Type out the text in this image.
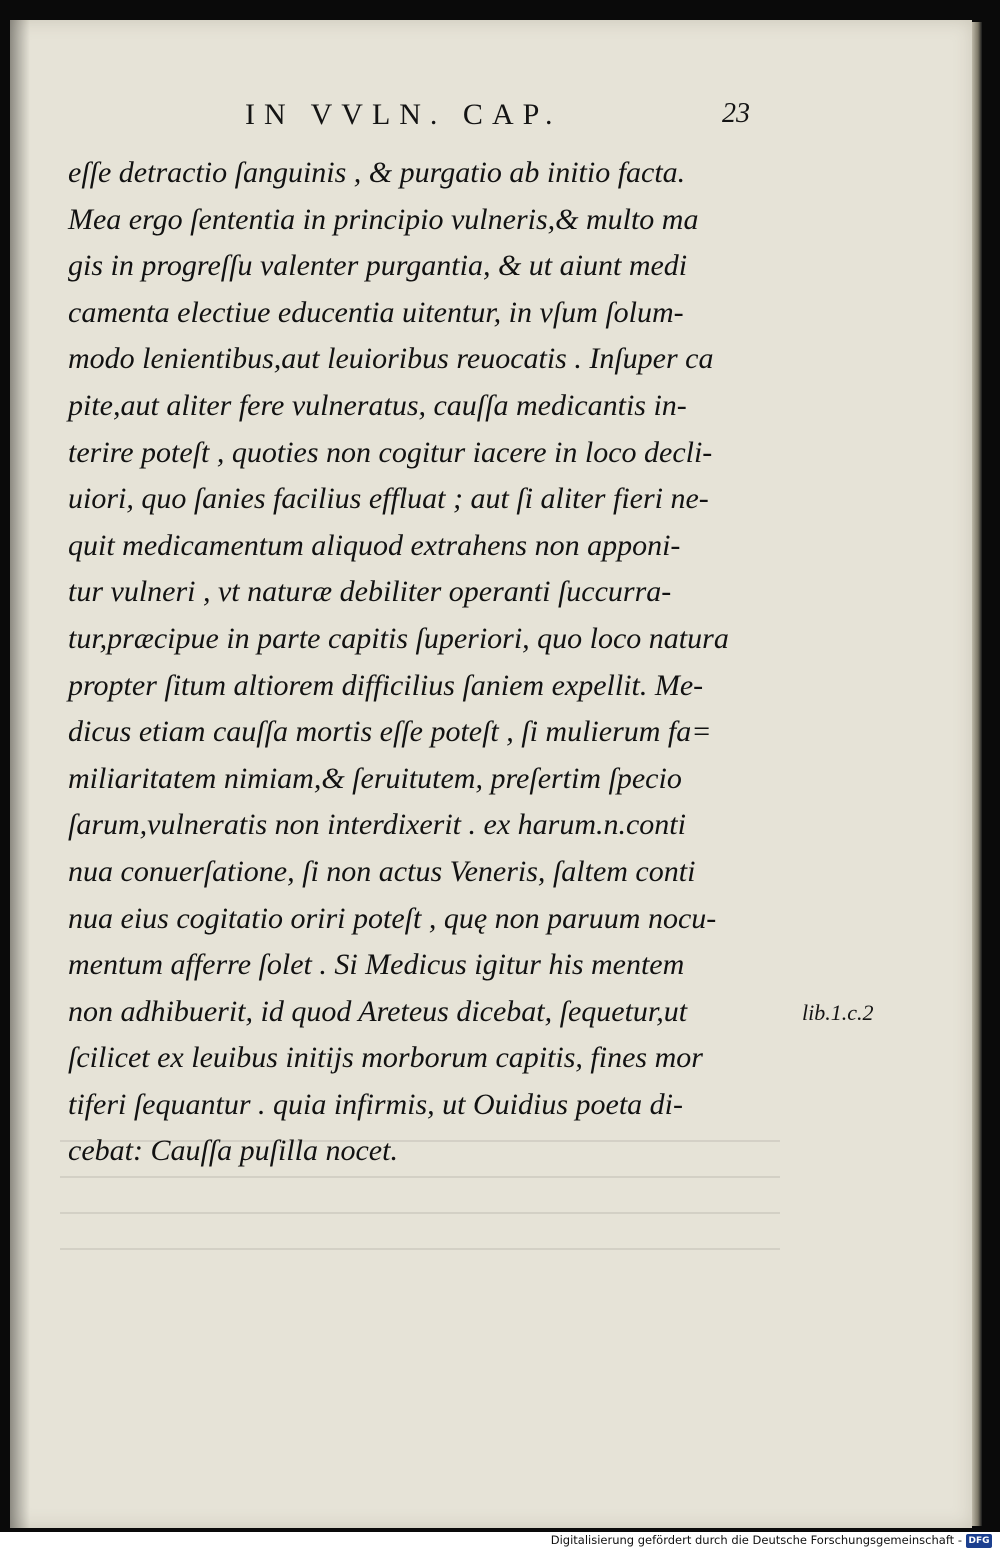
IN VVLN. CAP.	23
eſſe detractio ſanguinis , & purgatio ab initio facta.
Mea ergo ſententia in principio vulneris,& multo ma
gis in progreſſu valenter purgantia, & ut aiunt medi
camenta electiue educentia uitentur, in vſum ſolum-
modo lenientibus,aut leuioribus reuocatis . Inſuper ca
pite,aut aliter fere vulneratus, cauſſa medicantis in-
terire poteſt , quoties non cogitur iacere in loco decli-
uiori, quo ſanies facilius effluat ; aut ſi aliter fieri ne-
quit medicamentum aliquod extrahens non apponi-
tur vulneri , vt naturæ debiliter operanti ſuccurra-
tur,præcipue in parte capitis ſuperiori, quo loco natura
propter ſitum altiorem difficilius ſaniem expellit. Me-
dicus etiam cauſſa mortis eſſe poteſt , ſi mulierum fa=
miliaritatem nimiam,& ſeruitutem, preſertim ſpecio
ſarum,vulneratis non interdixerit . ex harum.n.conti
nua conuerſatione, ſi non actus Veneris, ſaltem conti
nua eius cogitatio oriri poteſt , quę non paruum nocu-
mentum afferre ſolet . Si Medicus igitur his mentem
non adhibuerit, id quod Areteus dicebat, ſequetur,ut
ſcilicet ex leuibus initijs morborum capitis, fines mor
tiferi ſequantur . quia infirmis, ut Ouidius poeta di-
cebat: Cauſſa puſilla nocet.
lib.1.c.2
Digitalisierung gefördert durch die Deutsche Forschungsgemeinschaft - DFG
